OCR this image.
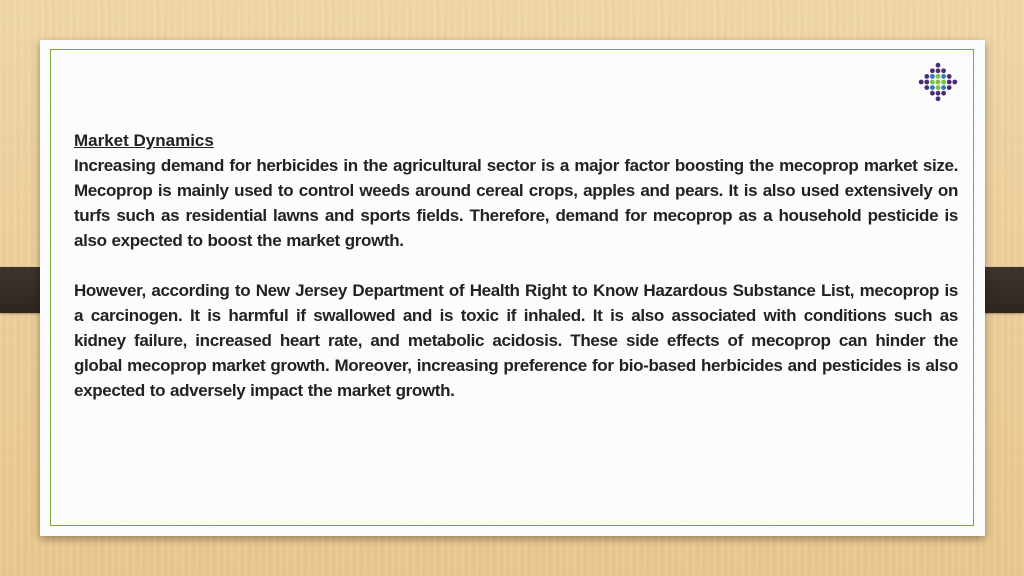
Market Dynamics

Increasing demand for herbicides in the agricultural sector is a major factor boosting the mecoprop market size. Mecoprop is mainly used to control weeds around cereal crops, apples and pears. It is also used extensively on turfs such as residential lawns and sports fields. Therefore, demand for mecoprop as a household pesticide is also expected to boost the market growth.

However, according to New Jersey Department of Health Right to Know Hazardous Substance List, mecoprop is a carcinogen. It is harmful if swallowed and is toxic if inhaled. It is also associated with conditions such as kidney failure, increased heart rate, and metabolic acidosis. These side effects of mecoprop can hinder the global mecoprop market growth. Moreover, increasing preference for bio-based herbicides and pesticides is also expected to adversely impact the market growth.
